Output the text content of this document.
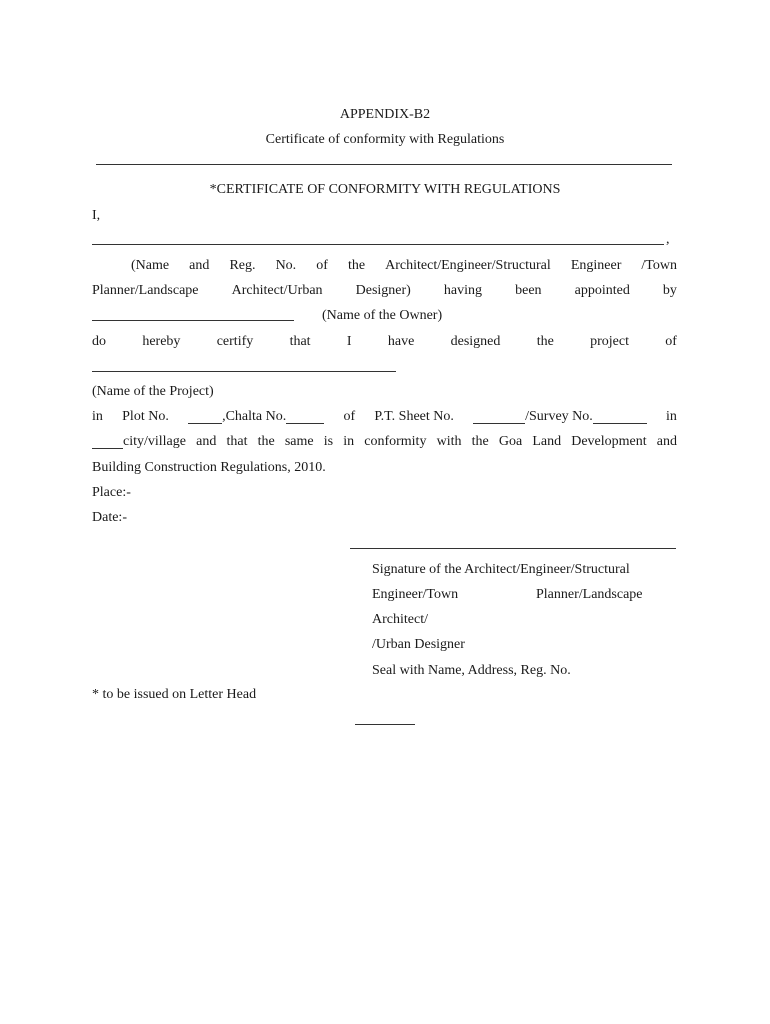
APPENDIX-B2
Certificate of conformity with Regulations
*CERTIFICATE OF CONFORMITY WITH REGULATIONS
I,
,
(Name and Reg. No. of the Architect/Engineer/Structural Engineer /Town
Planner/Landscape Architect/Urban Designer) having been appointed by
(Name of the Owner)
do	hereby	certify	that	I	have	designed	the	project	of
(Name of the Project)
in Plot No.	,Chalta No.	of P.T. Sheet No.	/Survey No.	in
city/village and that the same is in conformity with the Goa Land Development and
Building Construction Regulations, 2010.
Place:-
Date:-
Signature of the Architect/Engineer/Structural
Engineer/Town	Planner/Landscape
Architect/
/Urban Designer
Seal with Name, Address, Reg. No.
* to be issued on Letter Head
